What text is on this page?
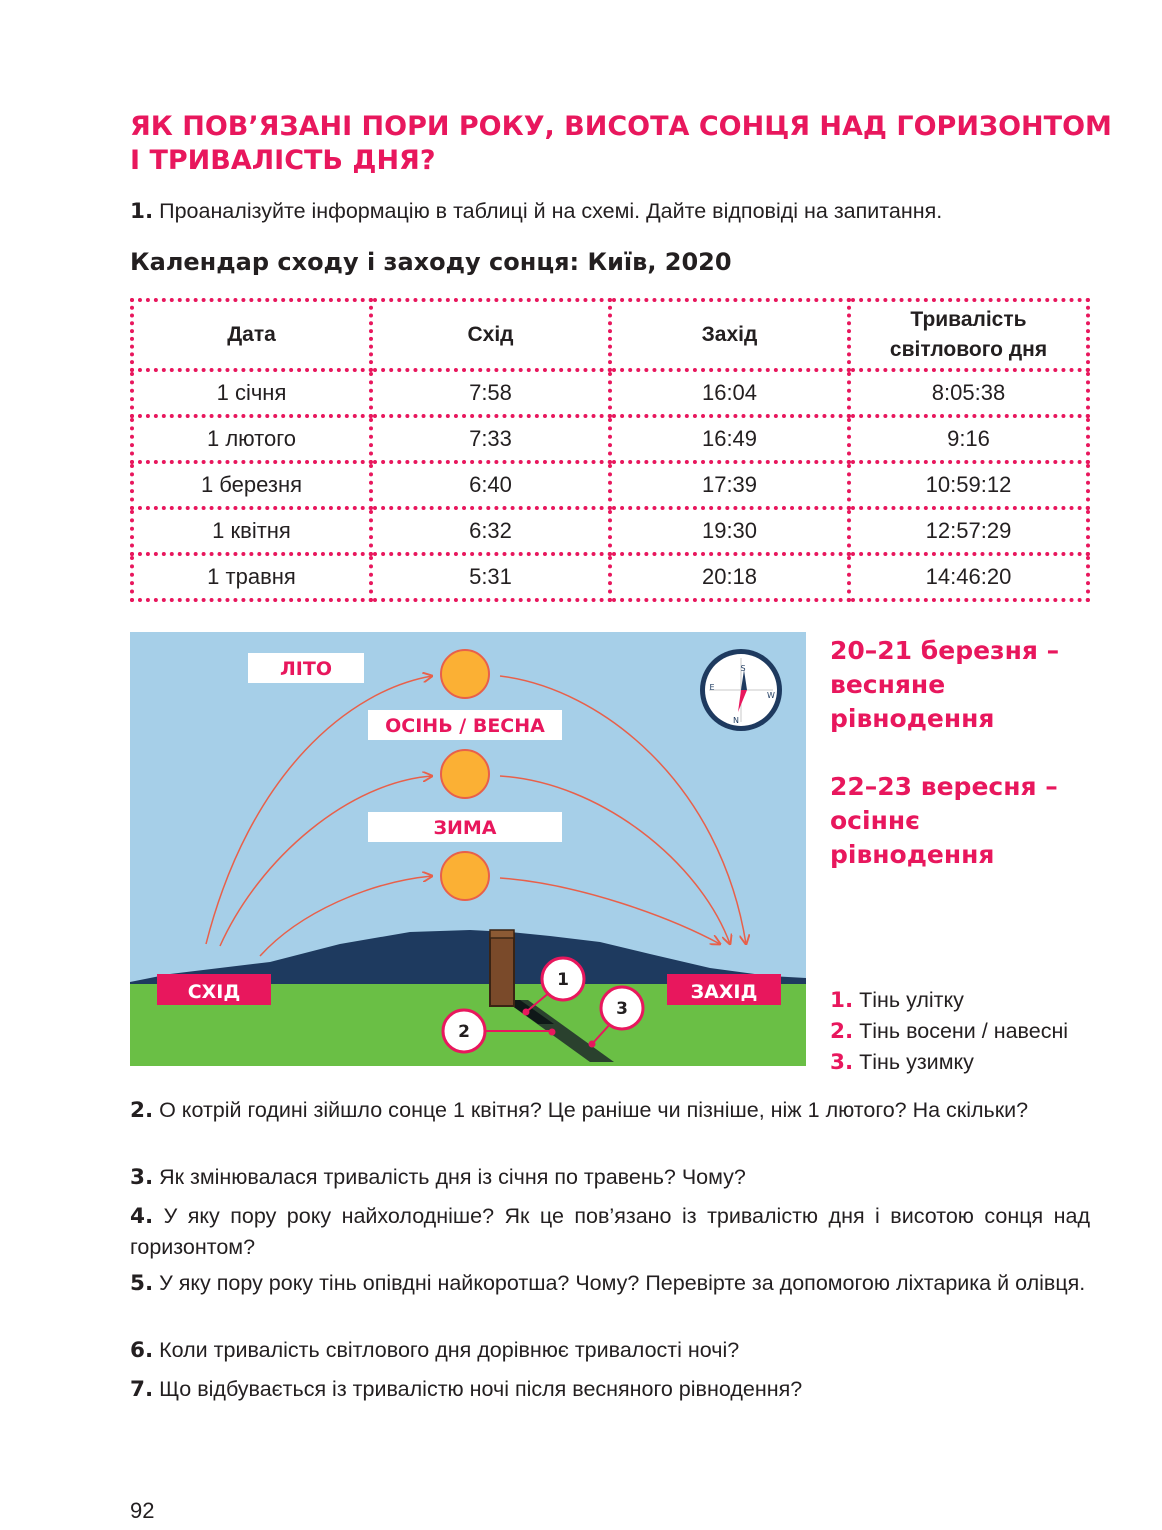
ЯК ПОВ’ЯЗАНІ ПОРИ РОКУ, ВИСОТА СОНЦЯ НАД ГОРИЗОНТОМ
І ТРИВАЛІСТЬ ДНЯ?
1. Проаналізуйте інформацію в таблиці й на схемі. Дайте відповіді на запитання.
Календар сходу і заходу сонця: Київ, 2020
Дата	Схід	Захід	Тривалість світлового дня
1 січня	7:58	16:04	8:05:38
1 лютого	7:33	16:49	9:16
1 березня	6:40	17:39	10:59:12
1 квітня	6:32	19:30	12:57:29
1 травня	5:31	20:18	14:46:20
ЛІТО
ОСІНЬ / ВЕСНА
ЗИМА
СХІД	ЗАХІД
S
N
E
W
1
2
3
20–21 березня –
весняне
рівнодення
22–23 вересня –
осіннє
рівнодення
1. Тінь улітку
2. Тінь восени / навесні
3. Тінь узимку
2. О котрій годині зійшло сонце 1 квітня? Це раніше чи пізніше, ніж 1 лютого? На скільки?
3. Як змінювалася тривалість дня із січня по травень? Чому?
4. У яку пору року найхолодніше? Як це пов’язано із тривалістю дня і висотою сонця над горизонтом?
5. У яку пору року тінь опівдні найкоротша? Чому? Перевірте за допомогою ліхтарика й олівця.
6. Коли тривалість світлового дня дорівнює тривалості ночі?
7. Що відбувається із тривалістю ночі після весняного рівнодення?
92
